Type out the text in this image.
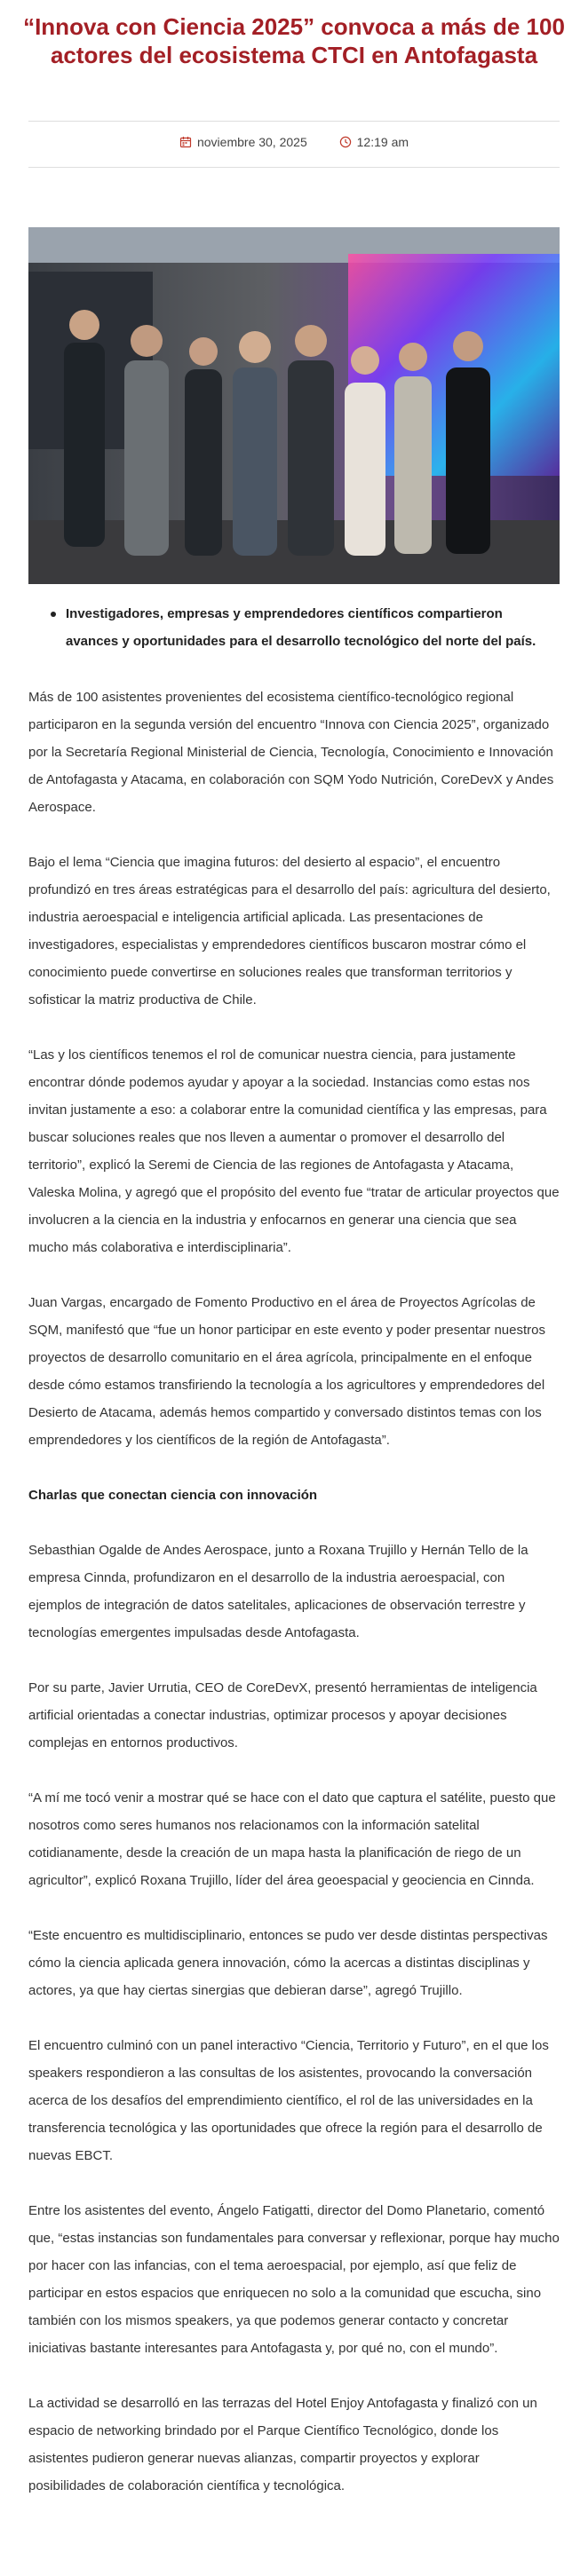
“Innova con Ciencia 2025” convoca a más de 100 actores del ecosistema CTCI en Antofagasta
noviembre 30, 2025
	12:19 am
Investigadores, empresas y emprendedores científicos compartieron avances y oportunidades para el desarrollo tecnológico del norte del país.

Más de 100 asistentes provenientes del ecosistema científico-tecnológico regional participaron en la segunda versión del encuentro “Innova con Ciencia 2025”, organizado por la Secretaría Regional Ministerial de Ciencia, Tecnología, Conocimiento e Innovación de Antofagasta y Atacama, en colaboración con SQM Yodo Nutrición, CoreDevX y Andes Aerospace.

Bajo el lema “Ciencia que imagina futuros: del desierto al espacio”, el encuentro profundizó en tres áreas estratégicas para el desarrollo del país: agricultura del desierto, industria aeroespacial e inteligencia artificial aplicada. Las presentaciones de investigadores, especialistas y emprendedores científicos buscaron mostrar cómo el conocimiento puede convertirse en soluciones reales que transforman territorios y sofisticar la matriz productiva de Chile.

“Las y los científicos tenemos el rol de comunicar nuestra ciencia, para justamente encontrar dónde podemos ayudar y apoyar a la sociedad. Instancias como estas nos invitan justamente a eso: a colaborar entre la comunidad científica y las empresas, para buscar soluciones reales que nos lleven a aumentar o promover el desarrollo del territorio”, explicó la Seremi de Ciencia de las regiones de Antofagasta y Atacama, Valeska Molina, y agregó que el propósito del evento fue “tratar de articular proyectos que involucren a la ciencia en la industria y enfocarnos en generar una ciencia que sea mucho más colaborativa e interdisciplinaria”.

Juan Vargas, encargado de Fomento Productivo en el área de Proyectos Agrícolas de SQM, manifestó que “fue un honor participar en este evento y poder presentar nuestros proyectos de desarrollo comunitario en el área agrícola, principalmente en el enfoque desde cómo estamos transfiriendo la tecnología a los agricultores y emprendedores del Desierto de Atacama, además hemos compartido y conversado distintos temas con los emprendedores y los científicos de la región de Antofagasta”.

Charlas que conectan ciencia con innovación

Sebasthian Ogalde de Andes Aerospace, junto a Roxana Trujillo y Hernán Tello de la empresa Cinnda, profundizaron en el desarrollo de la industria aeroespacial, con ejemplos de integración de datos satelitales, aplicaciones de observación terrestre y tecnologías emergentes impulsadas desde Antofagasta.

Por su parte, Javier Urrutia, CEO de CoreDevX, presentó herramientas de inteligencia artificial orientadas a conectar industrias, optimizar procesos y apoyar decisiones complejas en entornos productivos.

“A mí me tocó venir a mostrar qué se hace con el dato que captura el satélite, puesto que nosotros como seres humanos nos relacionamos con la información satelital cotidianamente, desde la creación de un mapa hasta la planificación de riego de un agricultor”, explicó Roxana Trujillo, líder del área geoespacial y geociencia en Cinnda.

“Este encuentro es multidisciplinario, entonces se pudo ver desde distintas perspectivas cómo la ciencia aplicada genera innovación, cómo la acercas a distintas disciplinas y actores, ya que hay ciertas sinergias que debieran darse”, agregó Trujillo.

El encuentro culminó con un panel interactivo “Ciencia, Territorio y Futuro”, en el que los speakers respondieron a las consultas de los asistentes, provocando la conversación acerca de los desafíos del emprendimiento científico, el rol de las universidades en la transferencia tecnológica y las oportunidades que ofrece la región para el desarrollo de nuevas EBCT.

Entre los asistentes del evento, Ángelo Fatigatti, director del Domo Planetario, comentó que, “estas instancias son fundamentales para conversar y reflexionar, porque hay mucho por hacer con las infancias, con el tema aeroespacial, por ejemplo, así que feliz de participar en estos espacios que enriquecen no solo a la comunidad que escucha, sino también con los mismos speakers, ya que podemos generar contacto y concretar iniciativas bastante interesantes para Antofagasta y, por qué no, con el mundo”.

La actividad se desarrolló en las terrazas del Hotel Enjoy Antofagasta y finalizó con un espacio de networking brindado por el Parque Científico Tecnológico, donde los asistentes pudieron generar nuevas alianzas, compartir proyectos y explorar posibilidades de colaboración científica y tecnológica.
